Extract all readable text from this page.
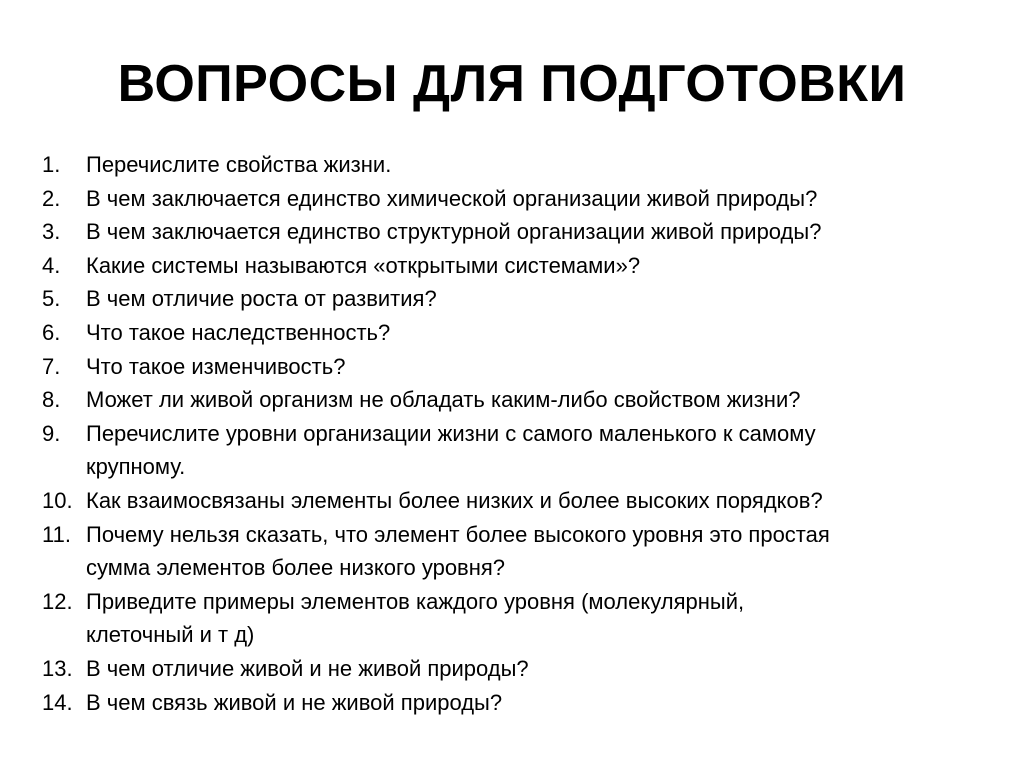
ВОПРОСЫ ДЛЯ ПОДГОТОВКИ
1.	Перечислите свойства жизни.
2.	В чем заключается единство химической организации живой природы?
3.	В чем заключается единство структурной организации живой природы?
4.	Какие системы называются «открытыми системами»?
5.	В чем отличие роста от развития?
6.	Что такое наследственность?
7.	Что такое изменчивость?
8.	Может ли живой организм не обладать каким-либо свойством жизни?
9.	Перечислите уровни организации жизни с самого маленького к самому
крупному.
10. Как взаимосвязаны элементы более низких и более высоких порядков?
11. Почему нельзя сказать, что элемент более высокого уровня это простая
сумма элементов более низкого уровня?
12. Приведите примеры элементов каждого уровня (молекулярный,
клеточный и т д)
13. В чем отличие живой и не живой природы?
14. В чем связь живой и не живой природы?
